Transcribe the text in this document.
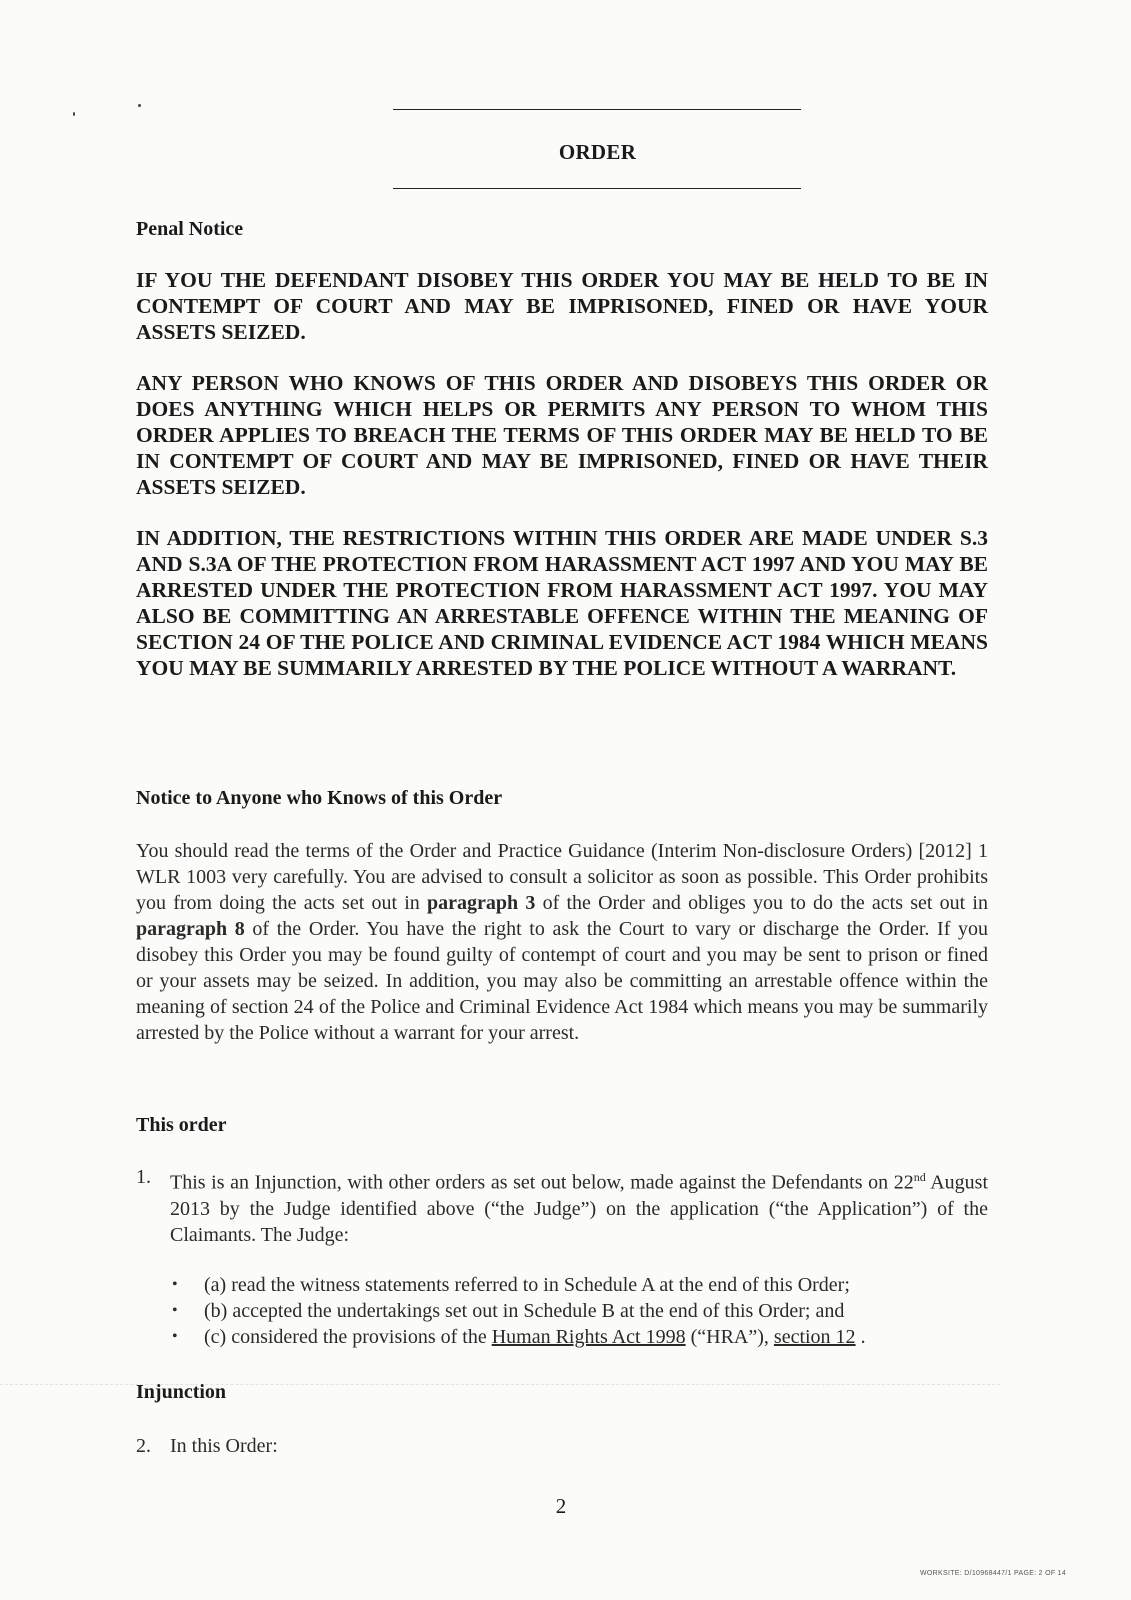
ORDER
Penal Notice
IF YOU THE DEFENDANT DISOBEY THIS ORDER YOU MAY BE HELD TO BE IN CONTEMPT OF COURT AND MAY BE IMPRISONED, FINED OR HAVE YOUR ASSETS SEIZED.
ANY PERSON WHO KNOWS OF THIS ORDER AND DISOBEYS THIS ORDER OR DOES ANYTHING WHICH HELPS OR PERMITS ANY PERSON TO WHOM THIS ORDER APPLIES TO BREACH THE TERMS OF THIS ORDER MAY BE HELD TO BE IN CONTEMPT OF COURT AND MAY BE IMPRISONED, FINED OR HAVE THEIR ASSETS SEIZED.
IN ADDITION, THE RESTRICTIONS WITHIN THIS ORDER ARE MADE UNDER S.3 AND S.3A OF THE PROTECTION FROM HARASSMENT ACT 1997 AND YOU MAY BE ARRESTED UNDER THE PROTECTION FROM HARASSMENT ACT 1997. YOU MAY ALSO BE COMMITTING AN ARRESTABLE OFFENCE WITHIN THE MEANING OF SECTION 24 OF THE POLICE AND CRIMINAL EVIDENCE ACT 1984 WHICH MEANS YOU MAY BE SUMMARILY ARRESTED BY THE POLICE WITHOUT A WARRANT.
Notice to Anyone who Knows of this Order
You should read the terms of the Order and Practice Guidance (Interim Non-disclosure Orders) [2012] 1 WLR 1003 very carefully. You are advised to consult a solicitor as soon as possible. This Order prohibits you from doing the acts set out in paragraph 3 of the Order and obliges you to do the acts set out in paragraph 8 of the Order. You have the right to ask the Court to vary or discharge the Order. If you disobey this Order you may be found guilty of contempt of court and you may be sent to prison or fined or your assets may be seized. In addition, you may also be committing an arrestable offence within the meaning of section 24 of the Police and Criminal Evidence Act 1984 which means you may be summarily arrested by the Police without a warrant for your arrest.
This order
1. This is an Injunction, with other orders as set out below, made against the Defendants on 22nd August 2013 by the Judge identified above (“the Judge”) on the application (“the Application”) of the Claimants. The Judge:
• (a) read the witness statements referred to in Schedule A at the end of this Order;
• (b) accepted the undertakings set out in Schedule B at the end of this Order; and
• (c) considered the provisions of the Human Rights Act 1998 (“HRA”), section 12 .
Injunction
2. In this Order:
2
WORKSITE: D/10968447/1 PAGE: 2 OF 14
